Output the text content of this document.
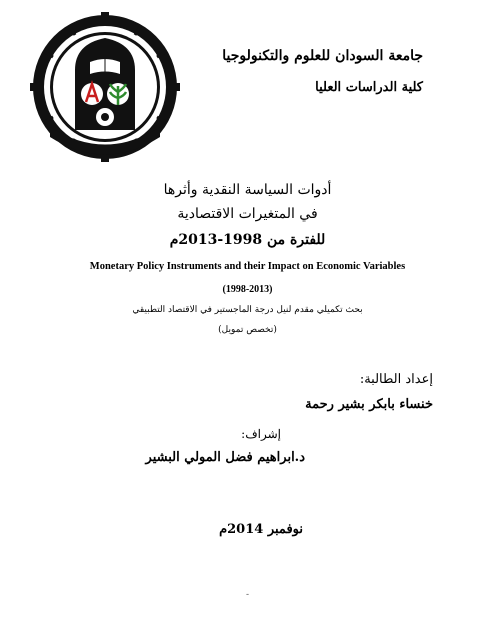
جامعة السودان للعلوم والتكنولوجيا
كلية الدراسات العليا
أدوات السياسة النقدية وأثرها
في المتغيرات الاقتصادية
للفترة من 1998-2013م
Monetary Policy Instruments and their Impact on Economic Variables
(1998-2013)
بحث تكميلي مقدم لنيل درجة الماجستير في الاقتصاد التطبيقي
(تخصص تمويل)
إعداد الطالبة:
خنساء بابكر بشير رحمة
إشراف:
د.ابراهيم فضل المولي البشير
نوفمبر 2014م
-
